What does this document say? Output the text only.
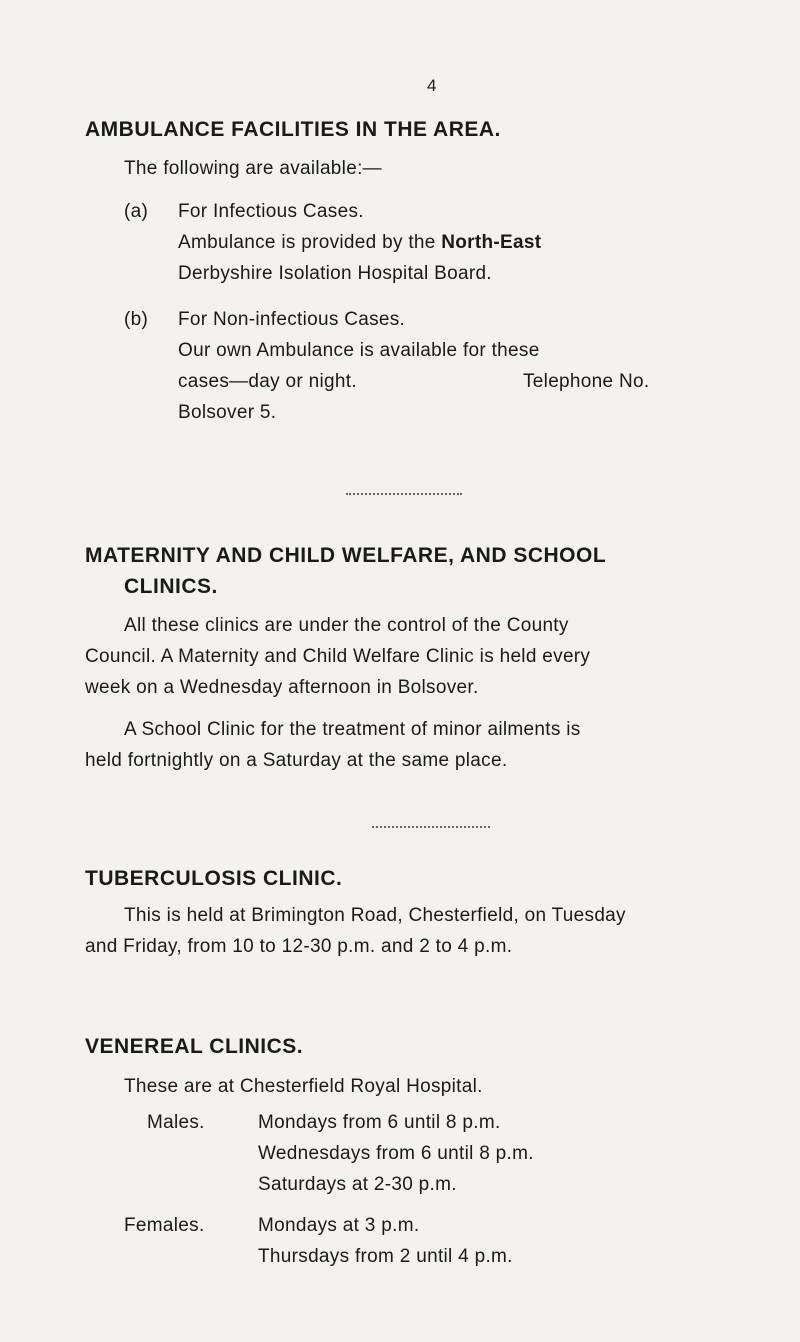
4
AMBULANCE FACILITIES IN THE AREA.
The following are available:—
(a) For Infectious Cases.
Ambulance is provided by the North-East
Derbyshire Isolation Hospital Board.
(b) For Non-infectious Cases.
Our own Ambulance is available for these
cases—day or night.	Telephone No.
Bolsover 5.
MATERNITY AND CHILD WELFARE, AND SCHOOL
CLINICS.
All these clinics are under the control of the County
Council. A Maternity and Child Welfare Clinic is held every
week on a Wednesday afternoon in Bolsover.
A School Clinic for the treatment of minor ailments is
held fortnightly on a Saturday at the same place.
TUBERCULOSIS CLINIC.
This is held at Brimington Road, Chesterfield, on Tuesday
and Friday, from 10 to 12-30 p.m. and 2 to 4 p.m.
VENEREAL CLINICS.
These are at Chesterfield Royal Hospital.
Males.	Mondays from 6 until 8 p.m.
Wednesdays from 6 until 8 p.m.
Saturdays at 2-30 p.m.
Females.	Mondays at 3 p.m.
Thursdays from 2 until 4 p.m.
